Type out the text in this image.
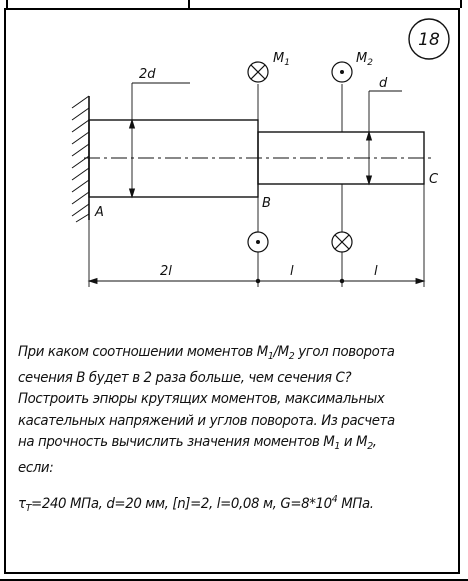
18
2d
d
$M_1$	$M_2$
A
B
C
2l	l	l

При каком соотношении моментов $М_1/М_2$ угол поворота

сечения В будет в 2 раза больше, чем сечения С?

Построить эпюры крутящих моментов, максимальных

касательных напряжений и углов поворота. Из расчета

на прочность вычислить значения моментов $М_1$ и $М_2$,

если:

$\tau_T=240$ МПа, d=20 мм, [n]=2, l=0,08 м, $G=8*10^4$ МПа.
